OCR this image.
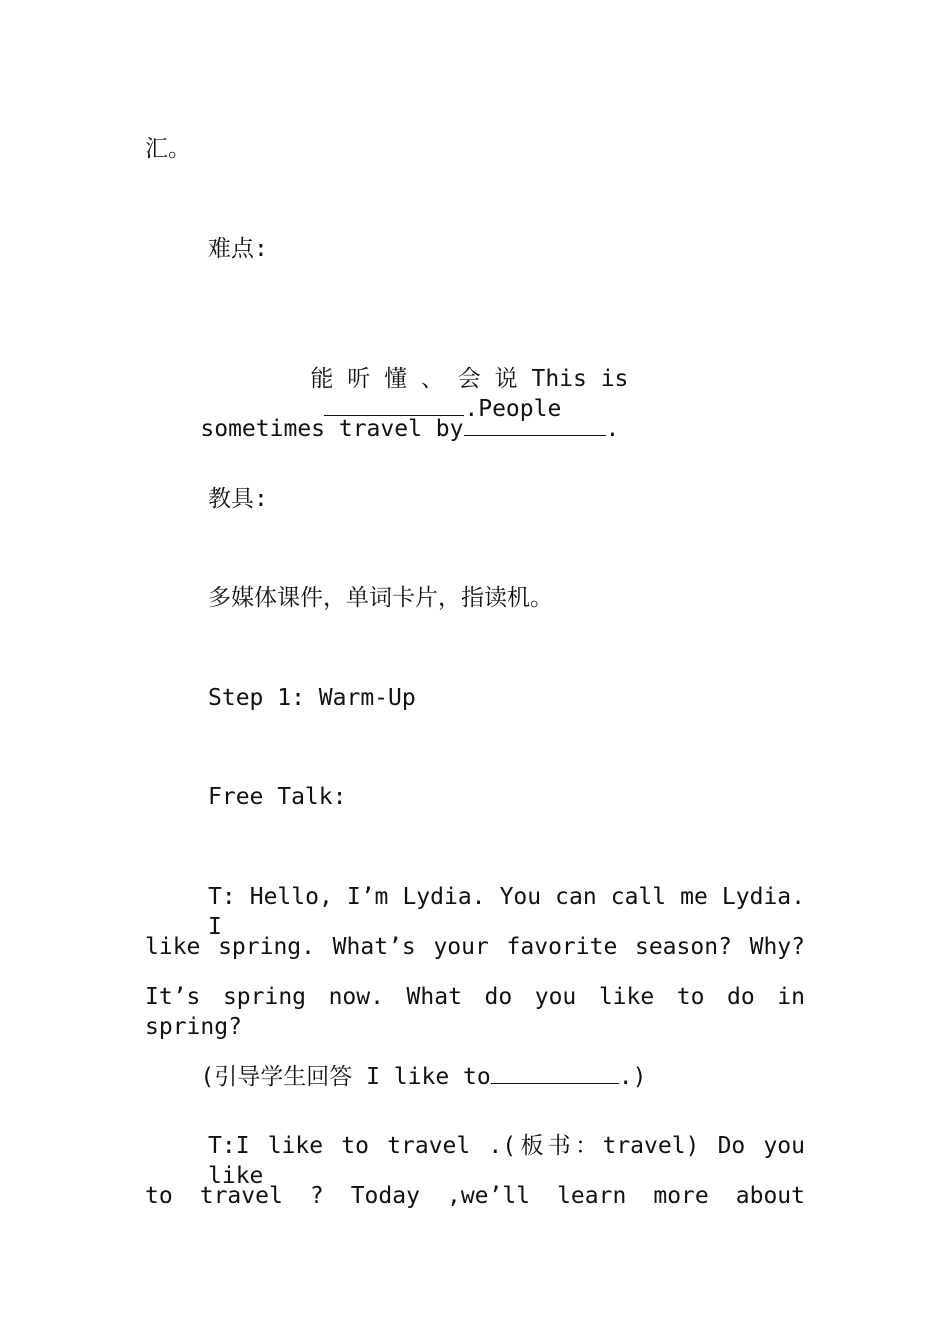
汇。
难点:

能 听 懂 、 会 说 This is
.People

sometimes travel by	.

教具:
多媒体课件，单词卡片，指读机。
Step 1: Warm-Up
Free Talk:
T: Hello, I’m Lydia. You can call me Lydia. I
like spring. What’s your favorite season? Why?
It’s spring now. What do you like to do in spring?

(引导学生回答 I like to	.)

T:I like to travel .(板书：travel) Do you like
to travel ? Today ,we’ll learn more about
